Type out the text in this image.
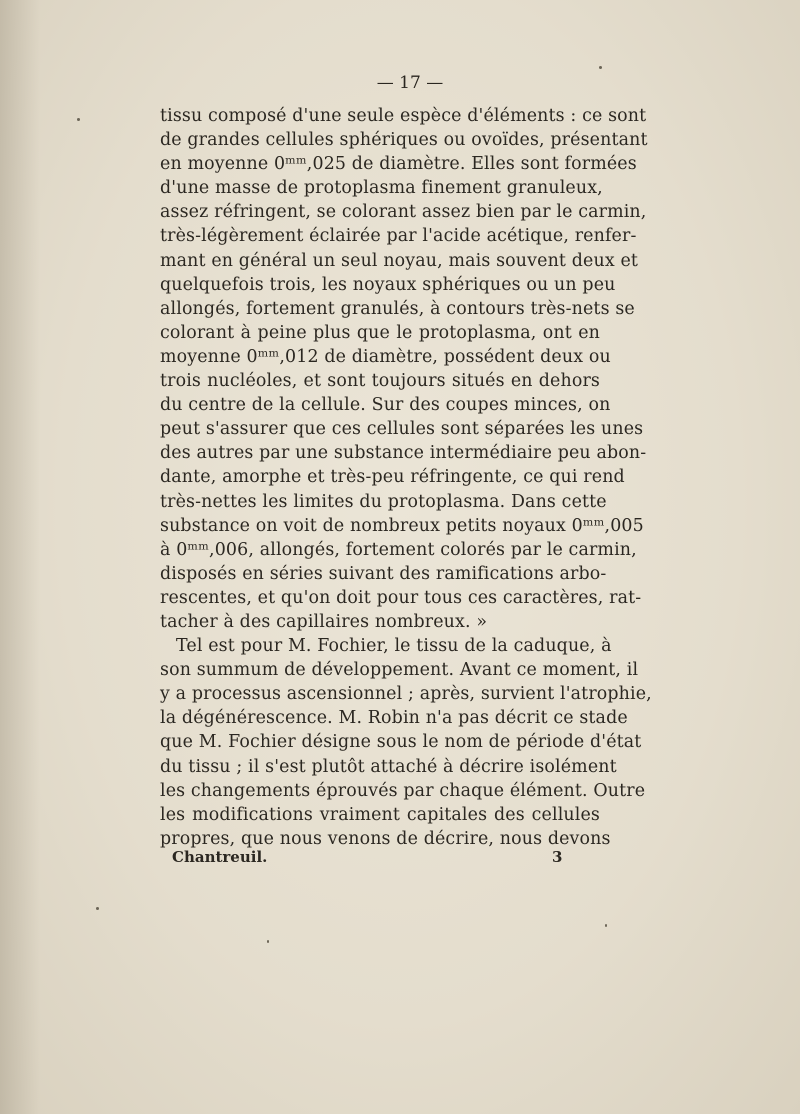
— 17 —
tissu composé d'une seule espèce d'éléments : ce sont
de grandes cellules sphériques ou ovoïdes, présentant
en moyenne 0ᵐᵐ,025 de diamètre. Elles sont formées
d'une masse de protoplasma finement granuleux,
assez réfringent, se colorant assez bien par le carmin,
très-légèrement éclairée par l'acide acétique, renfer-
mant en général un seul noyau, mais souvent deux et
quelquefois trois, les noyaux sphériques ou un peu
allongés, fortement granulés, à contours très-nets se
colorant à peine plus que le protoplasma, ont en
moyenne 0ᵐᵐ,012 de diamètre, possédent deux ou
trois nucléoles, et sont toujours situés en dehors
du centre de la cellule. Sur des coupes minces, on
peut s'assurer que ces cellules sont séparées les unes
des autres par une substance intermédiaire peu abon-
dante, amorphe et très-peu réfringente, ce qui rend
très-nettes les limites du protoplasma. Dans cette
substance on voit de nombreux petits noyaux 0ᵐᵐ,005
à 0ᵐᵐ,006, allongés, fortement colorés par le carmin,
disposés en séries suivant des ramifications arbo-
rescentes, et qu'on doit pour tous ces caractères, rat-
tacher à des capillaires nombreux. »
Tel est pour M. Fochier, le tissu de la caduque, à
son summum de développement. Avant ce moment, il
y a processus ascensionnel ; après, survient l'atrophie,
la dégénérescence. M. Robin n'a pas décrit ce stade
que M. Fochier désigne sous le nom de période d'état
du tissu ; il s'est plutôt attaché à décrire isolément
les changements éprouvés par chaque élément. Outre
les modifications vraiment capitales des cellules
propres, que nous venons de décrire, nous devons
Chantreuil.	3
